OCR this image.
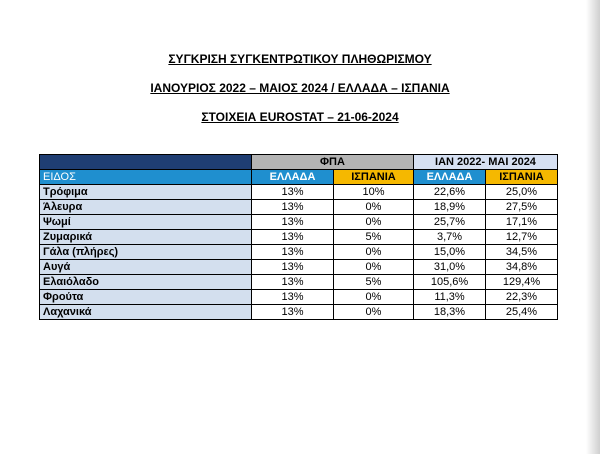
ΣΥΓΚΡΙΣΗ ΣΥΓΚΕΝΤΡΩΤΙΚΟΥ ΠΛΗΘΩΡΙΣΜΟΥ

ΙΑΝΟΥΡΙΟΣ 2022 – ΜΑΙΟΣ 2024 / ΕΛΛΑΔΑ – ΙΣΠΑΝΙΑ

ΣΤΟΙΧΕΙΑ EUROSTAT – 21-06-2024

	ΦΠΑ		ΙΑΝ 2022- ΜΑΙ 2024	
ΕΙΔΟΣ	ΕΛΛΑΔΑ	ΙΣΠΑΝΙΑ	ΕΛΛΑΔΑ	ΙΣΠΑΝΙΑ
Τρόφιμα	13%	10%	22,6%	25,0%
Άλευρα	13%	0%	18,9%	27,5%
Ψωμί	13%	0%	25,7%	17,1%
Ζυμαρικά	13%	5%	3,7%	12,7%
Γάλα (πλήρες)	13%	0%	15,0%	34,5%
Αυγά	13%	0%	31,0%	34,8%
Ελαιόλαδο	13%	5%	105,6%	129,4%
Φρούτα	13%	0%	11,3%	22,3%
Λαχανικά	13%	0%	18,3%	25,4%
